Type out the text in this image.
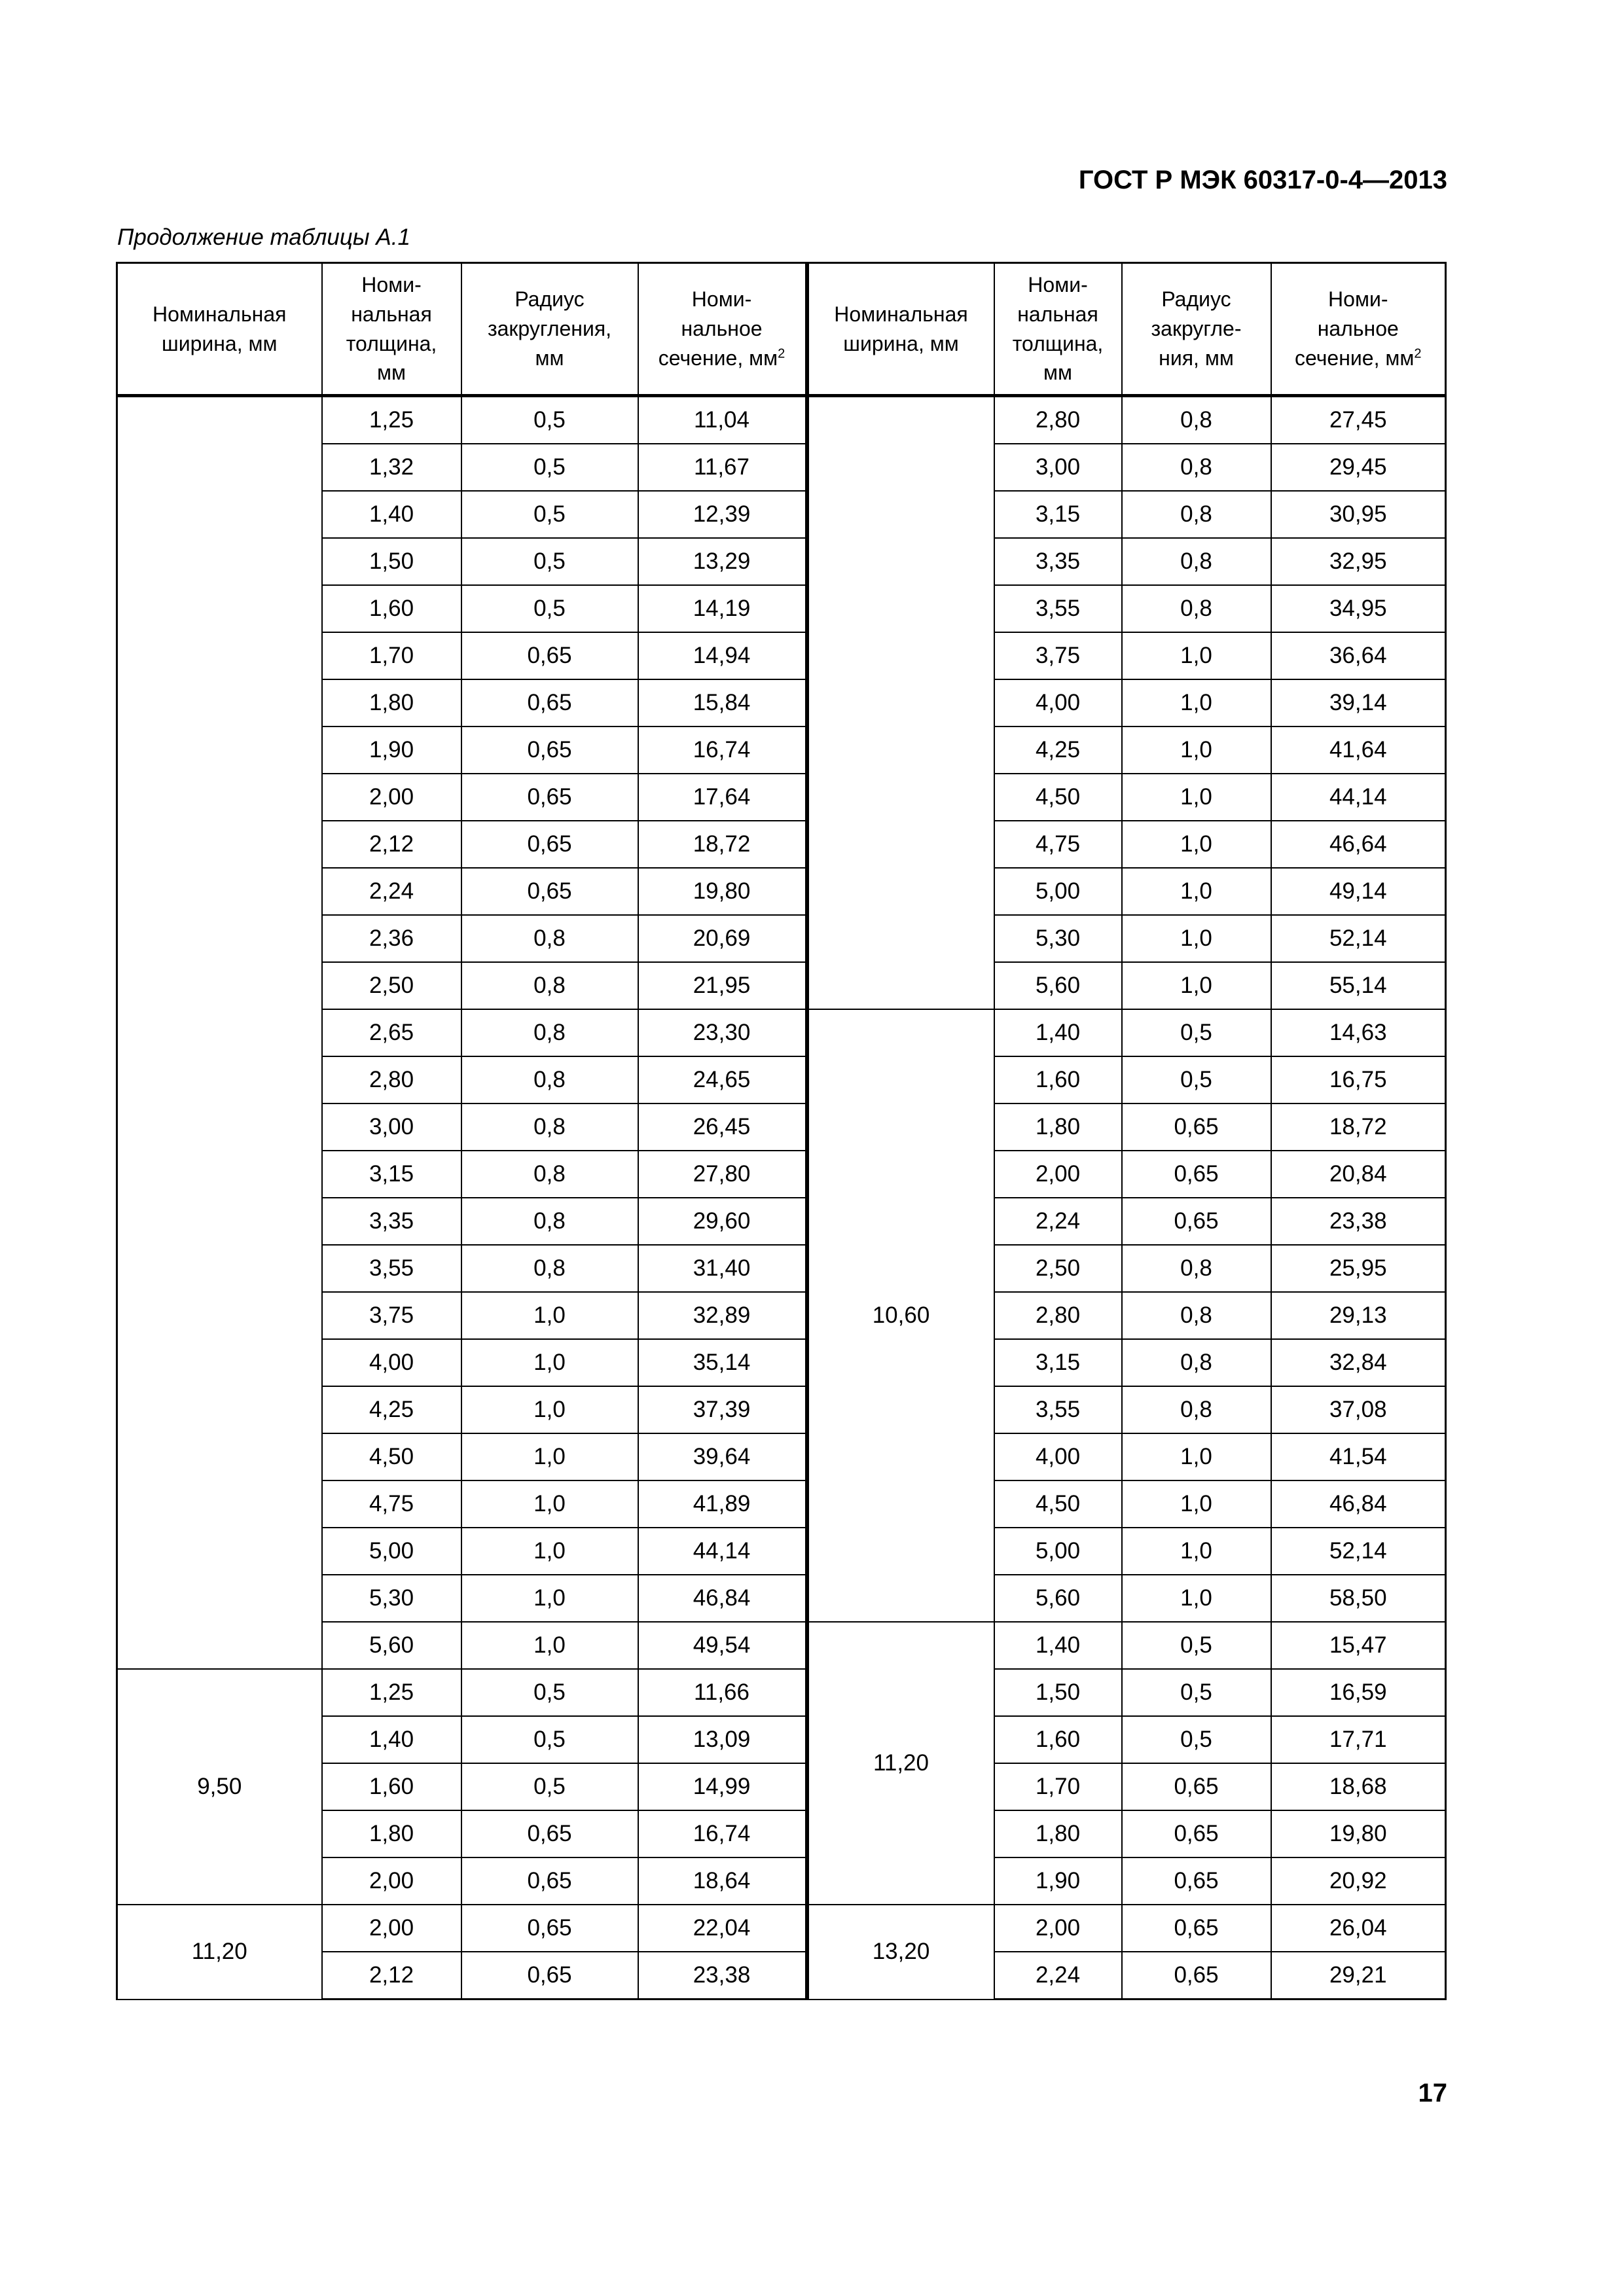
ГОСТ Р МЭК 60317-0-4—2013
Продолжение таблицы А.1
Номинальная
ширина, мм	Номи-
нальная
толщина,
мм	Радиус
закругления,
мм	Номи-
нальное
сечение, $мм^2$	Номинальная
ширина, мм	Номи-
нальная
толщина,
мм	Радиус
закругле-
ния, мм	Номи-
нальное
сечение, $мм^2$
	1,25	0,5	11,04		2,80	0,8	27,45
	1,32	0,5	11,67		3,00	0,8	29,45
	1,40	0,5	12,39		3,15	0,8	30,95
	1,50	0,5	13,29		3,35	0,8	32,95
	1,60	0,5	14,19		3,55	0,8	34,95
	1,70	0,65	14,94		3,75	1,0	36,64
	1,80	0,65	15,84		4,00	1,0	39,14
	1,90	0,65	16,74		4,25	1,0	41,64
	2,00	0,65	17,64		4,50	1,0	44,14
	2,12	0,65	18,72		4,75	1,0	46,64
	2,24	0,65	19,80		5,00	1,0	49,14
	2,36	0,8	20,69		5,30	1,0	52,14
	2,50	0,8	21,95		5,60	1,0	55,14
	2,65	0,8	23,30	10,60	1,40	0,5	14,63
	2,80	0,8	24,65		1,60	0,5	16,75
	3,00	0,8	26,45		1,80	0,65	18,72
	3,15	0,8	27,80		2,00	0,65	20,84
	3,35	0,8	29,60		2,24	0,65	23,38
	3,55	0,8	31,40		2,50	0,8	25,95
	3,75	1,0	32,89		2,80	0,8	29,13
	4,00	1,0	35,14		3,15	0,8	32,84
	4,25	1,0	37,39		3,55	0,8	37,08
	4,50	1,0	39,64		4,00	1,0	41,54
	4,75	1,0	41,89		4,50	1,0	46,84
	5,00	1,0	44,14		5,00	1,0	52,14
	5,30	1,0	46,84		5,60	1,0	58,50
	5,60	1,0	49,54	11,20	1,40	0,5	15,47
9,50	1,25	0,5	11,66		1,50	0,5	16,59
	1,40	0,5	13,09		1,60	0,5	17,71
	1,60	0,5	14,99		1,70	0,65	18,68
	1,80	0,65	16,74		1,80	0,65	19,80
	2,00	0,65	18,64		1,90	0,65	20,92
11,20	2,00	0,65	22,04	13,20	2,00	0,65	26,04
	2,12	0,65	23,38		2,24	0,65	29,21
17
